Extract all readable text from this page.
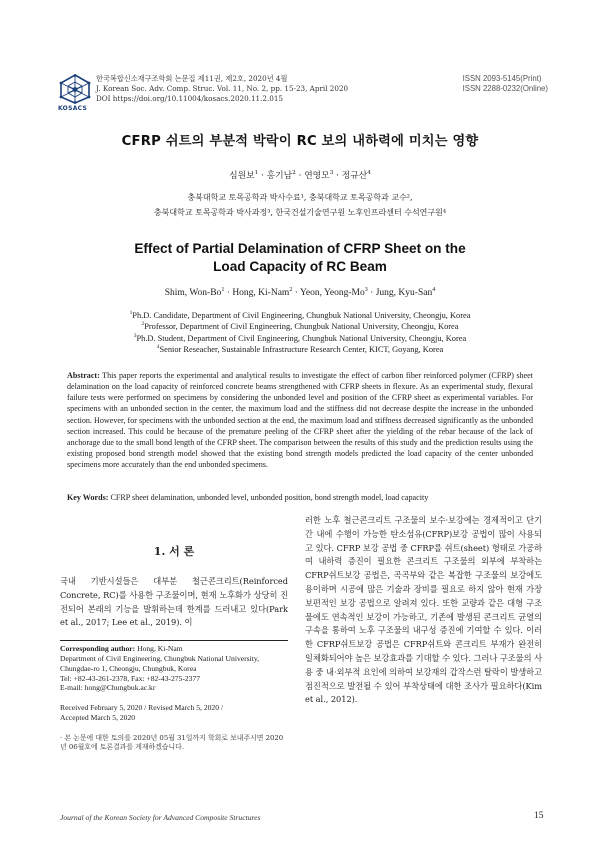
KOSACS
한국복합신소재구조학회 논문집 제11권, 제2호, 2020년 4월
J. Korean Soc. Adv. Comp. Struc. Vol. 11, No. 2, pp. 15-23, April 2020
DOI https://doi.org/10.11004/kosacs.2020.11.2.015
ISSN 2093-5145(Print)
ISSN 2288-0232(Online)
CFRP 쉬트의 부분적 박락이 RC 보의 내하력에 미치는 영향
심원보$^1$ · 홍기남$^2$ · 연영모$^3$ · 정규산$^4$
충북대학교 토목공학과 박사수료¹, 충북대학교 토목공학과 교수²,
충북대학교 토목공학과 박사과정³, 한국건설기술연구원 노후인프라센터 수석연구원⁴
Effect of Partial Delamination of CFRP Sheet on the
Load Capacity of RC Beam
Shim, Won-$Bo^1$ · Hong, Ki-Nam$^2$ · Yeon, Yeong-$Mo^3$ · Jung, Kyu-San$^4$
$^1$Ph.D. Candidate, Department of Civil Engineering, Chungbuk National University, Cheongju, Korea
$^2$Professor, Department of Civil Engineering, Chungbuk National University, Cheongju, Korea
$^3$Ph.D. Student, Department of Civil Engineering, Chungbuk National University, Cheongju, Korea
$^4$Senior Reseacher, Sustainable Infrastructure Research Center, KICT, Goyang, Korea
Abstract: This paper reports the experimental and analytical results to investigate the effect of carbon fiber reinforced polymer (CFRP) sheet delamination on the load capacity of reinforced concrete beams strengthened with CFRP sheets in flexure. As an experimental study, flexural failure tests were performed on specimens by considering the unbonded level and position of the CFRP sheet as experimental variables. For specimens with an unbonded section in the center, the maximum load and the stiffness did not decrease despite the increase in the unbonded section. However, for specimens with the unbonded section at the end, the maximum load and stiffness decreased significantly as the unbonded section increased. This could be because of the premature peeling of the CFRP sheet after the yielding of the rebar because of the lack of anchorage due to the small bond length of the CFRP sheet. The comparison between the results of this study and the prediction results using the existing proposed bond strength model showed that the existing bond strength models predicted the load capacity of the center unbonded specimens more accurately than the end unbonded specimens.
Key Words: CFRP sheet delamination, unbonded level, unbonded position, bond strength model, load capacity
1. 서 론
국내 기반시설들은 대부분 철근콘크리트(Reinforced Concrete, RC)를 사용한 구조물이며, 현재 노후화가 상당히 진전되어 본래의 기능을 발휘하는데 한계를 드러내고 있다(Park et al., 2017; Lee et al., 2019). 이
Corresponding author: Hong, Ki-Nam
Department of Civil Engineering, Chungbuk National University,
Chungdae-ro 1, Cheongju, Chungbuk, Korea
Tel: +82-43-261-2378, Fax: +82-43-275-2377
E-mail: hong@Chungbuk.ac.kr
Received February 5, 2020 / Revised March 5, 2020 /
Accepted March 5, 2020
· 본 논문에 대한 토의를 2020년 05월 31일까지 학회로 보내주시면 2020년 06월호에 토론결과를 게재하겠습니다.
러한 노후 철근콘크리트 구조물의 보수·보강에는 경제적이고 단기간 내에 수행이 가능한 탄소섬유(CFRP)보강 공법이 많이 사용되고 있다. CFRP 보강 공법 중 CFRP를 쉬트(sheet) 형태로 가공하여 내하력 증진이 필요한 콘크리트 구조물의 외부에 부착하는 CFRP쉬트보강 공법은, 곡곡부와 같은 복잡한 구조물의 보강에도 용이하며 시공에 많은 기술과 장비를 필요로 하지 않아 현재 가장 보편적인 보강 공법으로 알려져 있다. 또한 교량과 같은 대형 구조물에도 연속적인 보강이 가능하고, 기존에 발생된 콘크리트 균열의 구속을 통하여 노후 구조물의 내구성 증진에 기여할 수 있다. 이러한 CFRP쉬트보강 공법은 CFRP쉬트와 콘크리트 부재가 완전히 일체화되어야 높은 보강효과를 기대할 수 있다. 그러나 구조물의 사용 중 내·외부적 요인에 의하여 보강재의 갑작스런 탈락이 발생하고 점진적으로 발전될 수 있어 부착상태에 대한 조사가 필요하다(Kim et al., 2012).
Journal of the Korean Society for Advanced Composite Structures	15
